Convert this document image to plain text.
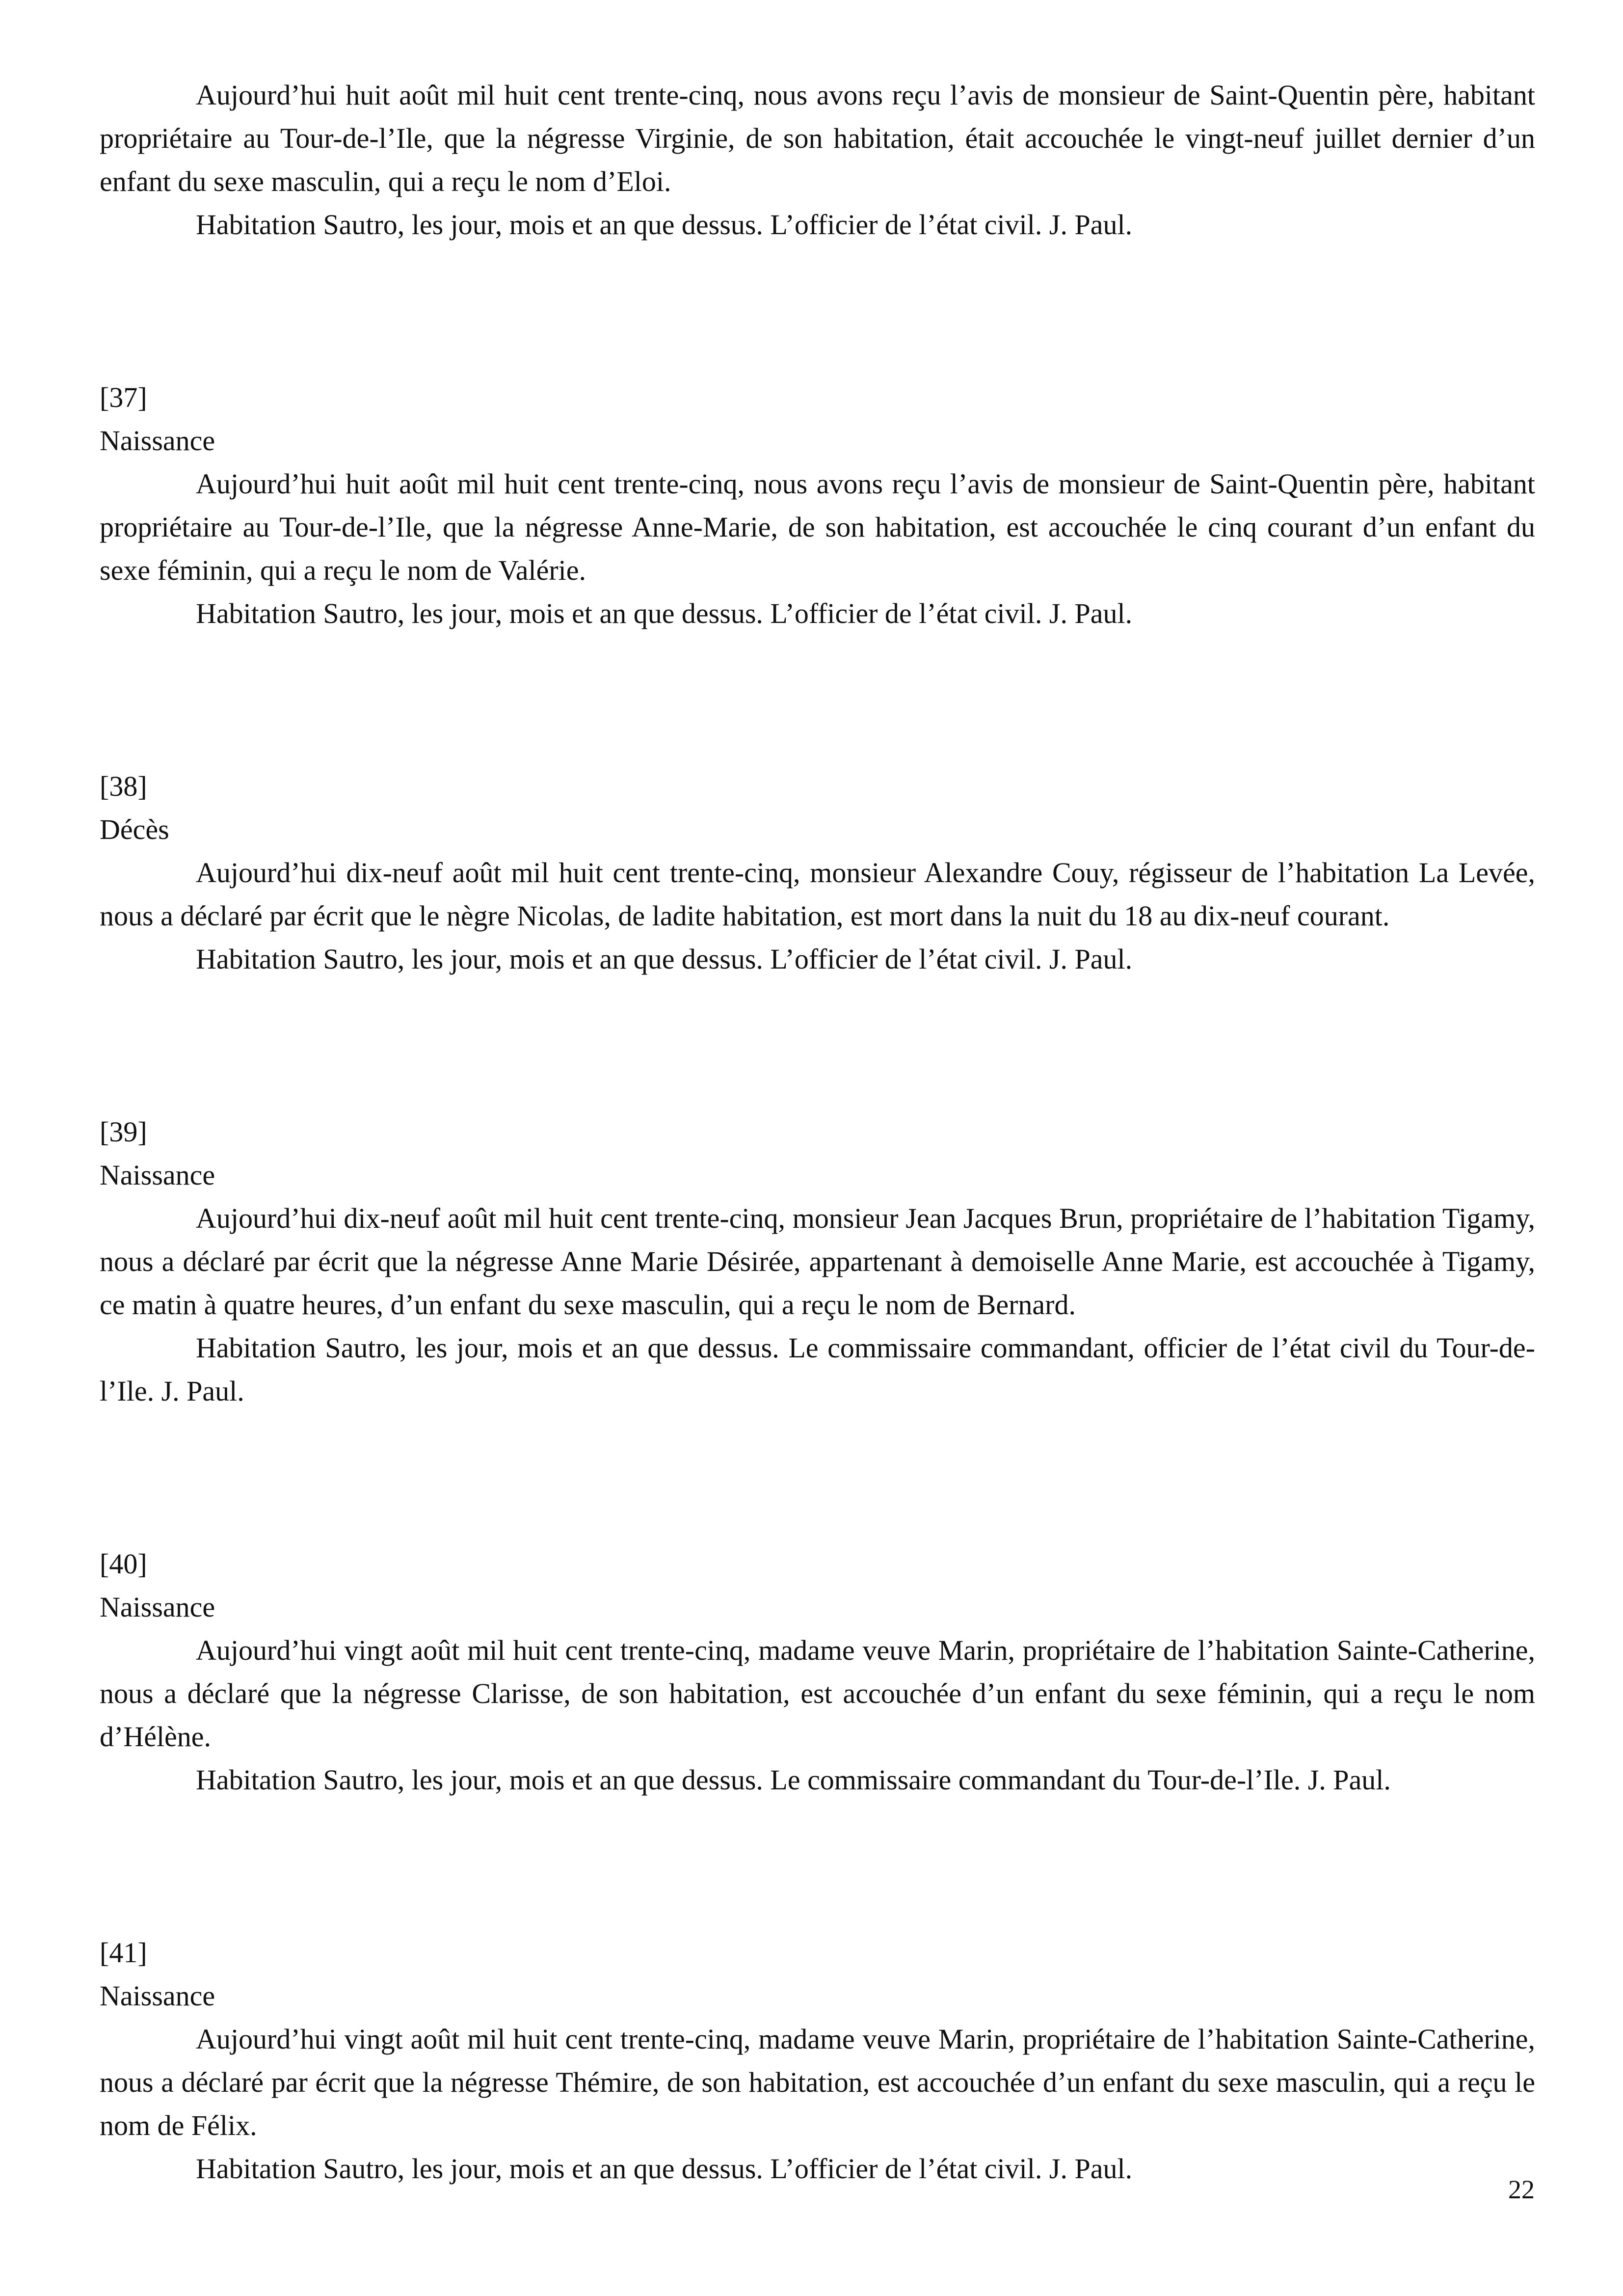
Aujourd’hui huit août mil huit cent trente-cinq, nous avons reçu l’avis de monsieur de Saint-Quentin père, habitant propriétaire au Tour-de-l’Ile, que la négresse Virginie, de son habitation, était accouchée le vingt-neuf juillet dernier d’un enfant du sexe masculin, qui a reçu le nom d’Eloi.

Habitation Sautro, les jour, mois et an que dessus. L’officier de l’état civil. J. Paul.

[37]
Naissance

Aujourd’hui huit août mil huit cent trente-cinq, nous avons reçu l’avis de monsieur de Saint-Quentin père, habitant propriétaire au Tour-de-l’Ile, que la négresse Anne-Marie, de son habitation, est accouchée le cinq courant d’un enfant du sexe féminin, qui a reçu le nom de Valérie.

Habitation Sautro, les jour, mois et an que dessus. L’officier de l’état civil. J. Paul.

[38]
Décès

Aujourd’hui dix-neuf août mil huit cent trente-cinq, monsieur Alexandre Couy, régisseur de l’habitation La Levée, nous a déclaré par écrit que le nègre Nicolas, de ladite habitation, est mort dans la nuit du 18 au dix-neuf courant.

Habitation Sautro, les jour, mois et an que dessus. L’officier de l’état civil. J. Paul.

[39]
Naissance

Aujourd’hui dix-neuf août mil huit cent trente-cinq, monsieur Jean Jacques Brun, propriétaire de l’habitation Tigamy, nous a déclaré par écrit que la négresse Anne Marie Désirée, appartenant à demoiselle Anne Marie, est accouchée à Tigamy, ce matin à quatre heures, d’un enfant du sexe masculin, qui a reçu le nom de Bernard.

Habitation Sautro, les jour, mois et an que dessus. Le commissaire commandant, officier de l’état civil du Tour-de-l’Ile. J. Paul.

[40]
Naissance

Aujourd’hui vingt août mil huit cent trente-cinq, madame veuve Marin, propriétaire de l’habitation Sainte-Catherine, nous a déclaré que la négresse Clarisse, de son habitation, est accouchée d’un enfant du sexe féminin, qui a reçu le nom d’Hélène.

Habitation Sautro, les jour, mois et an que dessus. Le commissaire commandant du Tour-de-l’Ile. J. Paul.

[41]
Naissance

Aujourd’hui vingt août mil huit cent trente-cinq, madame veuve Marin, propriétaire de l’habitation Sainte-Catherine, nous a déclaré par écrit que la négresse Thémire, de son habitation, est accouchée d’un enfant du sexe masculin, qui a reçu le nom de Félix.

Habitation Sautro, les jour, mois et an que dessus. L’officier de l’état civil. J. Paul.

22
